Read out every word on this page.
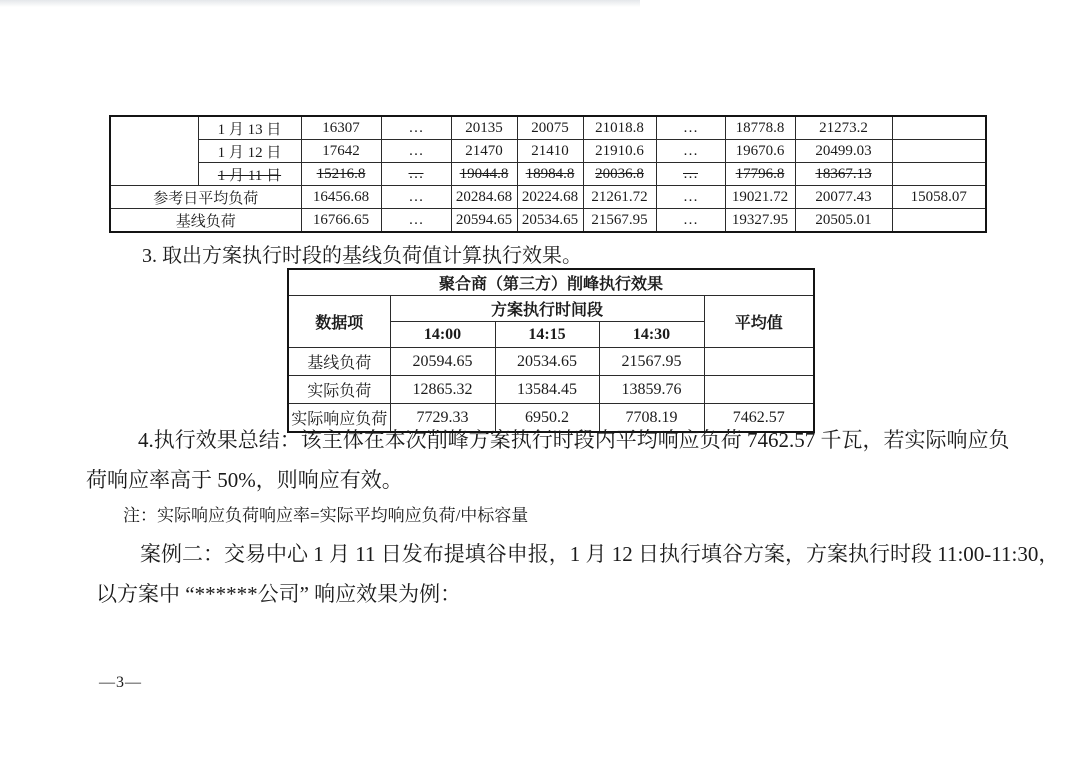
	1 月 13 日	16307	…	20135	20075	21018.8	…	18778.8	21273.2	
	1 月 12 日	17642	…	21470	21410	21910.6	…	19670.6	20499.03	
	1 月 11 日	15216.8	…	19044.8	18984.8	20036.8	…	17796.8	18367.13	
参考日平均负荷		16456.68	…	20284.68	20224.68	21261.72	…	19021.72	20077.43	15058.07
基线负荷		16766.65	…	20594.65	20534.65	21567.95	…	19327.95	20505.01	
3. 取出方案执行时段的基线负荷值计算执行效果。
聚合商（第三方）削峰执行效果				
数据项	方案执行时间段			平均值
	14:00	14:15	14:30	
基线负荷	20594.65	20534.65	21567.95	
实际负荷	12865.32	13584.45	13859.76	
实际响应负荷	7729.33	6950.2	7708.19	7462.57
4.执行效果总结：该主体在本次削峰方案执行时段内平均响应负荷 7462.57 千瓦，若实际响应负
荷响应率高于 50%，则响应有效。
注：实际响应负荷响应率=实际平均响应负荷/中标容量
案例二：交易中心 1 月 11 日发布提填谷申报，1 月 12 日执行填谷方案，方案执行时段 11:00-11:30，
以方案中 “******公司” 响应效果为例：
—3—
